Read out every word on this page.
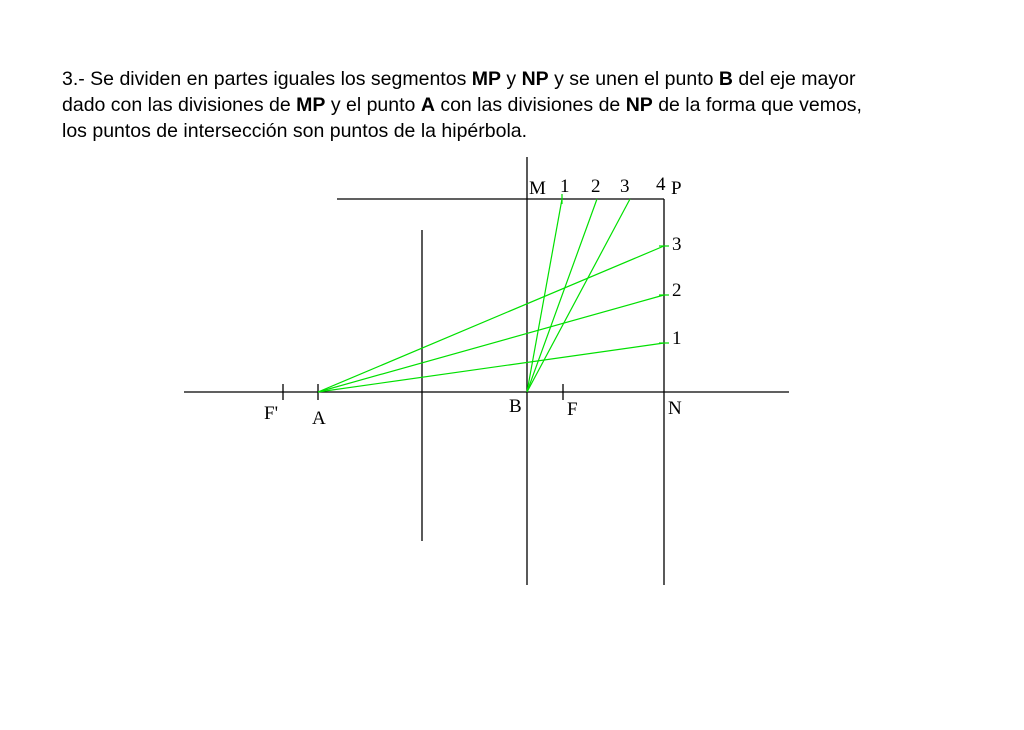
3.- Se dividen en partes iguales los segmentos MP y NP y se unen el punto B del eje mayor
dado con las divisiones de MP y el punto A con las divisiones de NP de la forma que vemos,
los puntos de intersección son puntos de la hipérbola.
M 1 2 3 4 P
3
2
1
F' A
B F	N
